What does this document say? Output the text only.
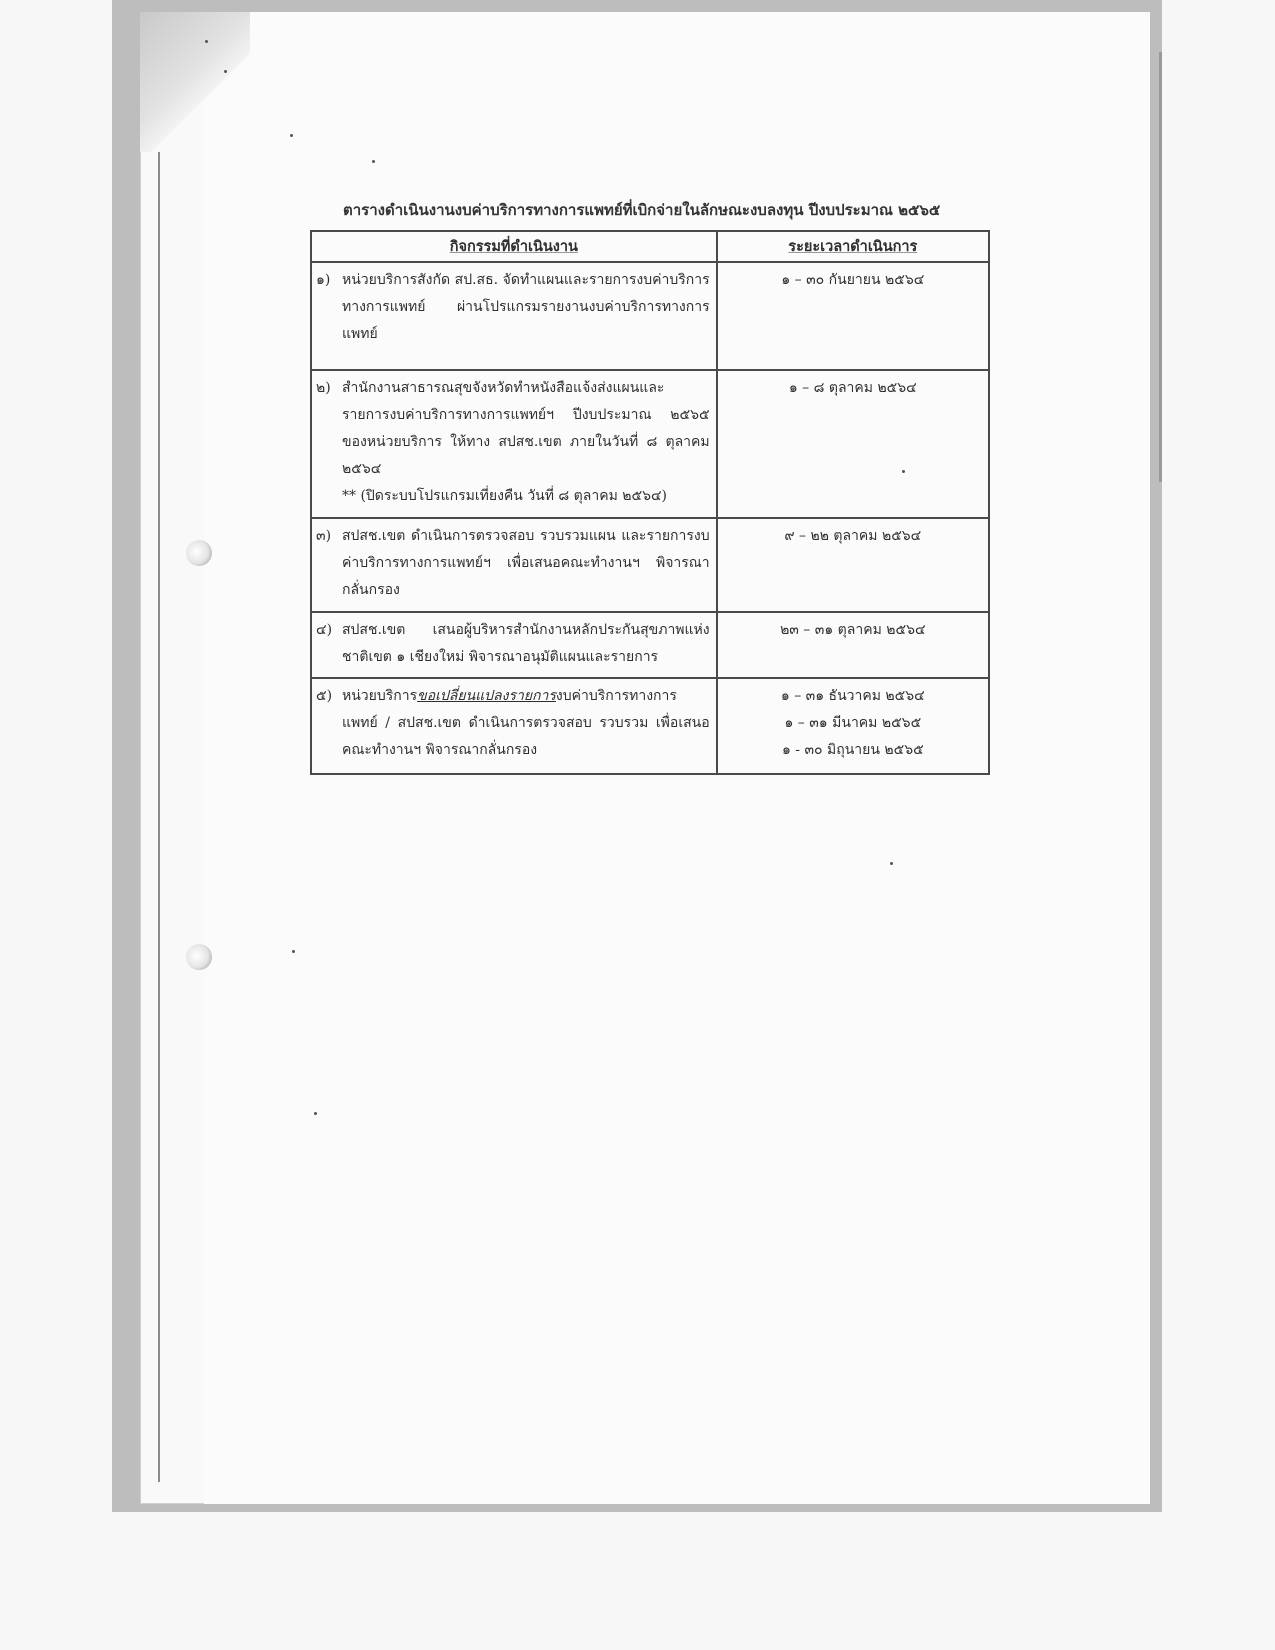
ตารางดำเนินงานงบค่าบริการทางการแพทย์ที่เบิกจ่ายในลักษณะงบลงทุน ปีงบประมาณ ๒๕๖๕
กิจกรรมที่ดำเนินงาน	ระยะเวลาดำเนินการ

๑) หน่วยบริการสังกัด สป.สธ. จัดทำแผนและรายการงบค่าบริการทางการแพทย์ ผ่านโปรแกรมรายงานงบค่าบริการทางการแพทย์	๑ – ๓๐ กันยายน ๒๕๖๔

๒) สำนักงานสาธารณสุขจังหวัดทำหนังสือแจ้งส่งแผนและรายการงบค่าบริการทางการแพทย์ฯ ปีงบประมาณ ๒๕๖๕ ของหน่วยบริการ ให้ทาง สปสช.เขต ภายในวันที่ ๘ ตุลาคม ๒๕๖๔
** (ปิดระบบโปรแกรมเที่ยงคืน วันที่ ๘ ตุลาคม ๒๕๖๔)	๑ – ๘ ตุลาคม ๒๕๖๔

๓) สปสช.เขต ดำเนินการตรวจสอบ รวบรวมแผน และรายการงบค่าบริการทางการแพทย์ฯ เพื่อเสนอคณะทำงานฯ พิจารณากลั่นกรอง	๙ – ๒๒ ตุลาคม ๒๕๖๔

๔) สปสช.เขต เสนอผู้บริหารสำนักงานหลักประกันสุขภาพแห่งชาติเขต ๑ เชียงใหม่ พิจารณาอนุมัติแผนและรายการ	๒๓ – ๓๑ ตุลาคม ๒๕๖๔

๕) หน่วยบริการขอเปลี่ยนแปลงรายการงบค่าบริการทางการแพทย์ / สปสช.เขต ดำเนินการตรวจสอบ รวบรวม เพื่อเสนอคณะทำงานฯ พิจารณากลั่นกรอง	๑ – ๓๑ ธันวาคม ๒๕๖๔
๑ – ๓๑ มีนาคม ๒๕๖๕
๑ - ๓๐ มิถุนายน ๒๕๖๕
